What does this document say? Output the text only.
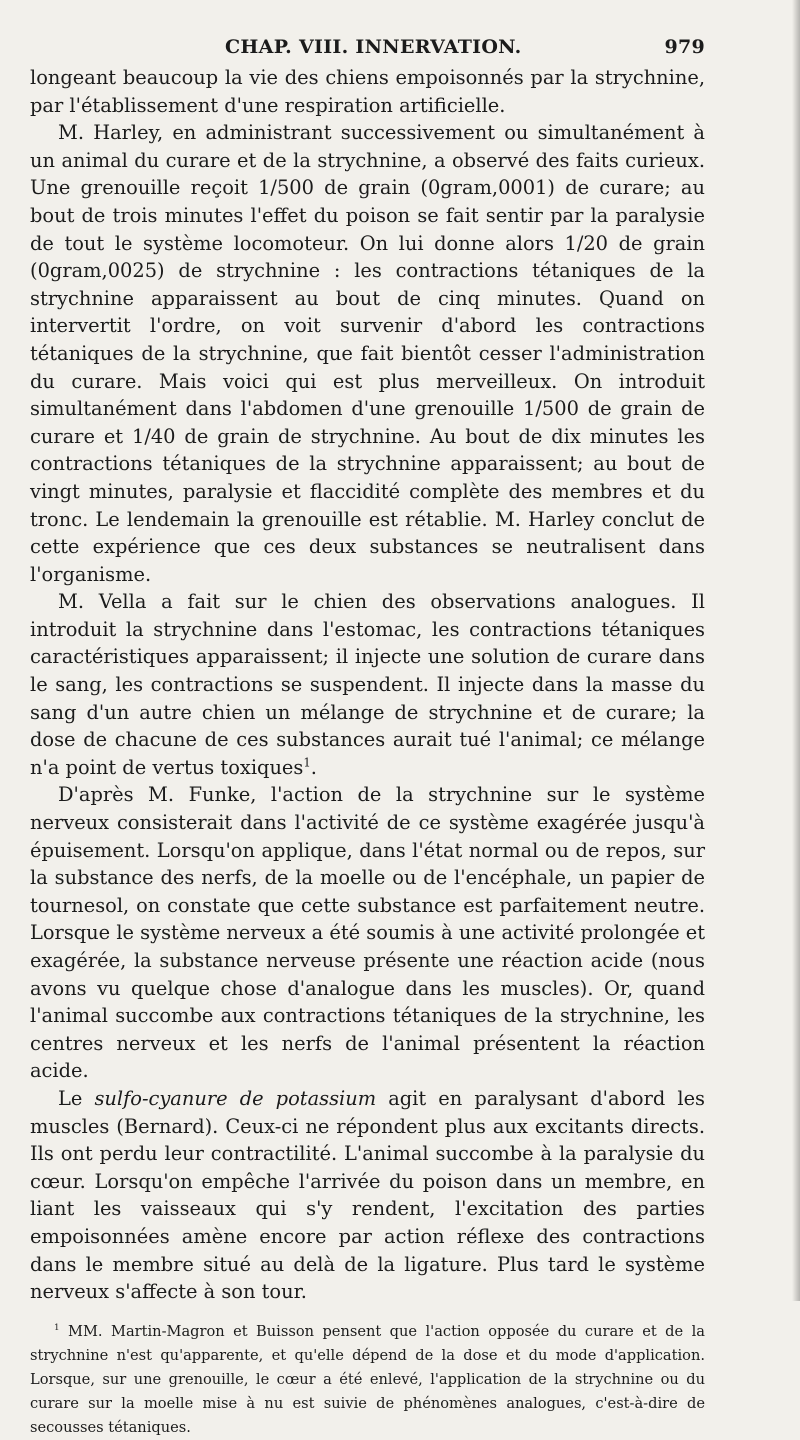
CHAP. VIII. INNERVATION.	979

longeant beaucoup la vie des chiens empoisonnés par la strychnine, par l'établissement d'une respiration artificielle.

M. Harley, en administrant successivement ou simultanément à un animal du curare et de la strychnine, a observé des faits curieux. Une grenouille reçoit 1/500 de grain (0gram,0001) de curare; au bout de trois minutes l'effet du poison se fait sentir par la paralysie de tout le système locomoteur. On lui donne alors 1/20 de grain (0gram,0025) de strychnine : les contractions tétaniques de la strychnine apparaissent au bout de cinq minutes. Quand on intervertit l'ordre, on voit survenir d'abord les contractions tétaniques de la strychnine, que fait bientôt cesser l'administration du curare. Mais voici qui est plus merveilleux. On introduit simultanément dans l'abdomen d'une grenouille 1/500 de grain de curare et 1/40 de grain de strychnine. Au bout de dix minutes les contractions tétaniques de la strychnine apparaissent; au bout de vingt minutes, paralysie et flaccidité complète des membres et du tronc. Le lendemain la grenouille est rétablie. M. Harley conclut de cette expérience que ces deux substances se neutralisent dans l'organisme.

M. Vella a fait sur le chien des observations analogues. Il introduit la strychnine dans l'estomac, les contractions tétaniques caractéristiques apparaissent; il injecte une solution de curare dans le sang, les contractions se suspendent. Il injecte dans la masse du sang d'un autre chien un mélange de strychnine et de curare; la dose de chacune de ces substances aurait tué l'animal; ce mélange n'a point de vertus toxiques$^1$.

D'après M. Funke, l'action de la strychnine sur le système nerveux consisterait dans l'activité de ce système exagérée jusqu'à épuisement. Lorsqu'on applique, dans l'état normal ou de repos, sur la substance des nerfs, de la moelle ou de l'encéphale, un papier de tournesol, on constate que cette substance est parfaitement neutre. Lorsque le système nerveux a été soumis à une activité prolongée et exagérée, la substance nerveuse présente une réaction acide (nous avons vu quelque chose d'analogue dans les muscles). Or, quand l'animal succombe aux contractions tétaniques de la strychnine, les centres nerveux et les nerfs de l'animal présentent la réaction acide.

Le sulfo-cyanure de potassium agit en paralysant d'abord les muscles (Bernard). Ceux-ci ne répondent plus aux excitants directs. Ils ont perdu leur contractilité. L'animal succombe à la paralysie du cœur. Lorsqu'on empêche l'arrivée du poison dans un membre, en liant les vaisseaux qui s'y rendent, l'excitation des parties empoisonnées amène encore par action réflexe des contractions dans le membre situé au delà de la ligature. Plus tard le système nerveux s'affecte à son tour.

$^1$ MM. Martin-Magron et Buisson pensent que l'action opposée du curare et de la strychnine n'est qu'apparente, et qu'elle dépend de la dose et du mode d'application. Lorsque, sur une grenouille, le cœur a été enlevé, l'application de la strychnine ou du curare sur la moelle mise à nu est suivie de phénomènes analogues, c'est-à-dire de secousses tétaniques.
